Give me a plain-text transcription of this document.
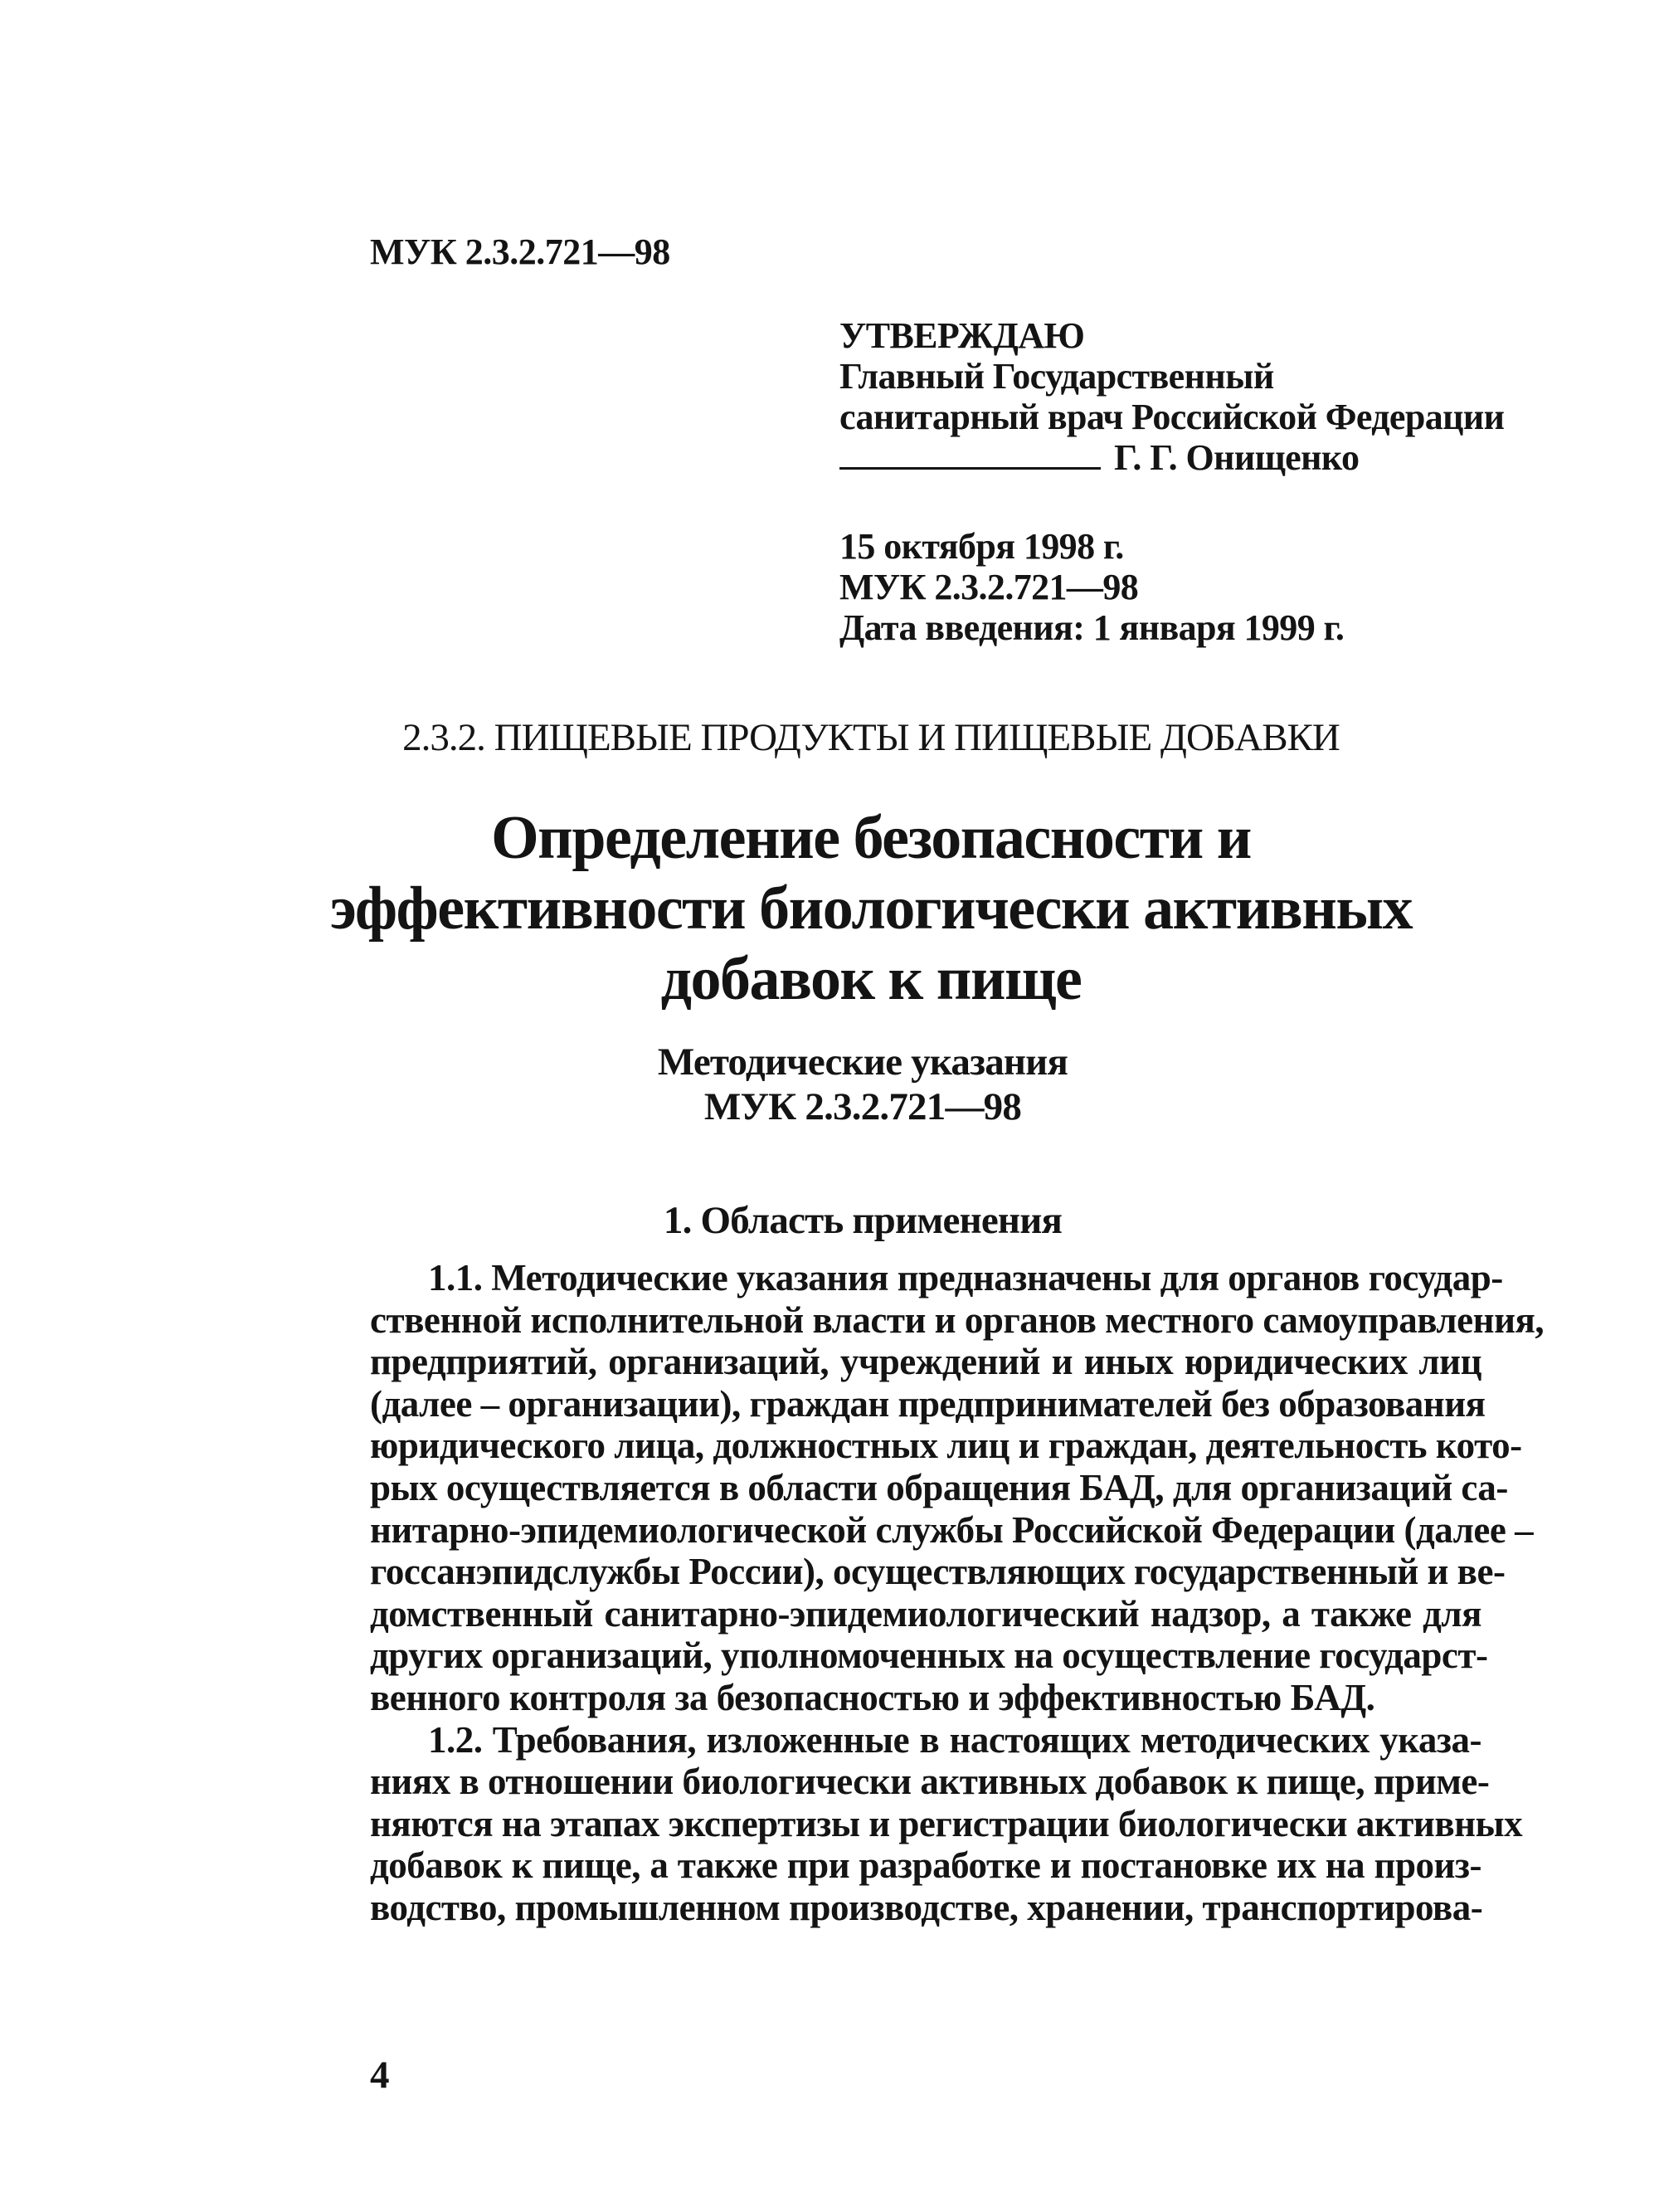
МУК 2.3.2.721—98
УТВЕРЖДАЮ
Главный Государственный
санитарный врач Российской Федерации
Г. Г. Онищенко
15 октября 1998 г.
МУК 2.3.2.721—98
Дата введения: 1 января 1999 г.
2.3.2. ПИЩЕВЫЕ ПРОДУКТЫ И ПИЩЕВЫЕ ДОБАВКИ
Определение безопасности и
эффективности биологически активных
добавок к пище
Методические указания
МУК 2.3.2.721—98
1. Область применения
1.1. Методические указания предназначены для органов государ-
ственной исполнительной власти и органов местного самоуправления,
предприятий, организаций, учреждений и иных юридических лиц
(далее – организации), граждан предпринимателей без образования
юридического лица, должностных лиц и граждан, деятельность кото-
рых осуществляется в области обращения БАД, для организаций са-
нитарно-эпидемиологической службы Российской Федерации (далее –
госсанэпидслужбы России), осуществляющих государственный и ве-
домственный санитарно-эпидемиологический надзор, а также для
других организаций, уполномоченных на осуществление государст-
венного контроля за безопасностью и эффективностью БАД.
1.2. Требования, изложенные в настоящих методических указа-
ниях в отношении биологически активных добавок к пище, приме-
няются на этапах экспертизы и регистрации биологически активных
добавок к пище, а также при разработке и постановке их на произ-
водство, промышленном производстве, хранении, транспортирова-
4
